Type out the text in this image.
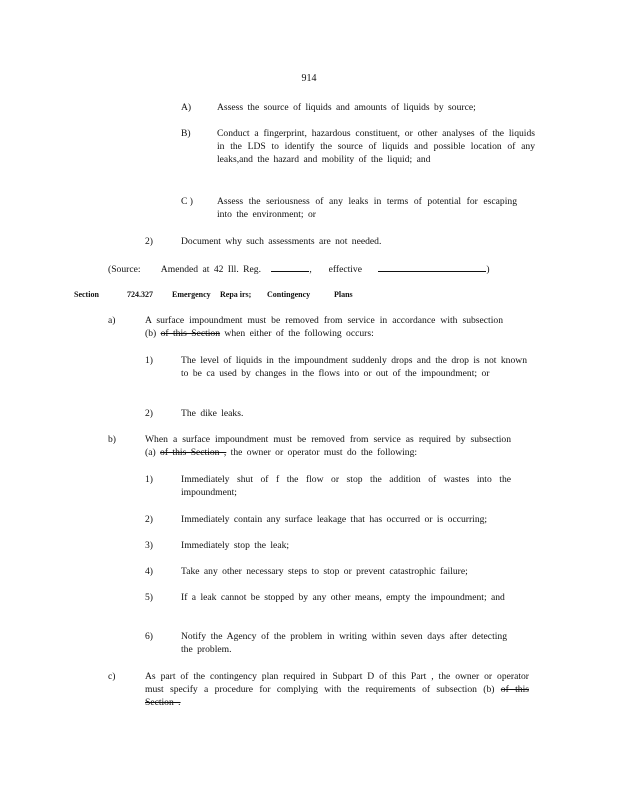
914
A)	Assess the source of liquids and amounts of liquids by source;
B)	Conduct a fingerprint, hazardous constituent, or other analyses of the liquids in the LDS to identify the source of liquids and possible location of any leaks,and the hazard and mobility of the liquid; and
C )	Assess the seriousness of any leaks in terms of potential for escaping into the environment; or
2)	Document why such assessments are not needed.
(Source: Amended at 42 Ill. Reg.	, effective	)
Section	724.327 Emergency Repa irs; Contingency	Plans
a)	A surface impoundment must be removed from service in accordance with subsection (b) of this Section when either of the following occurs:
1)	The level of liquids in the impoundment suddenly drops and the drop is not known to be ca used by changes in the flows into or out of the impoundment; or
2)	The dike leaks.
b)	When a surface impoundment must be removed from service as required by subsection (a) of this Section , the owner or operator must do the following:
1)	Immediately shut of f the flow or stop the addition of wastes into the impoundment;
2)	Immediately contain any surface leakage that has occurred or is occurring;
3)	Immediately stop the leak;
4)	Take any other necessary steps to stop or prevent catastrophic failure;
5)	If a leak cannot be stopped by any other means, empty the impoundment; and
6)	Notify the Agency of the problem in writing within seven days after detecting the problem.
c)	As part of the contingency plan required in Subpart D of this Part , the owner or operator must specify a procedure for complying with the requirements of subsection (b) of this Section .
